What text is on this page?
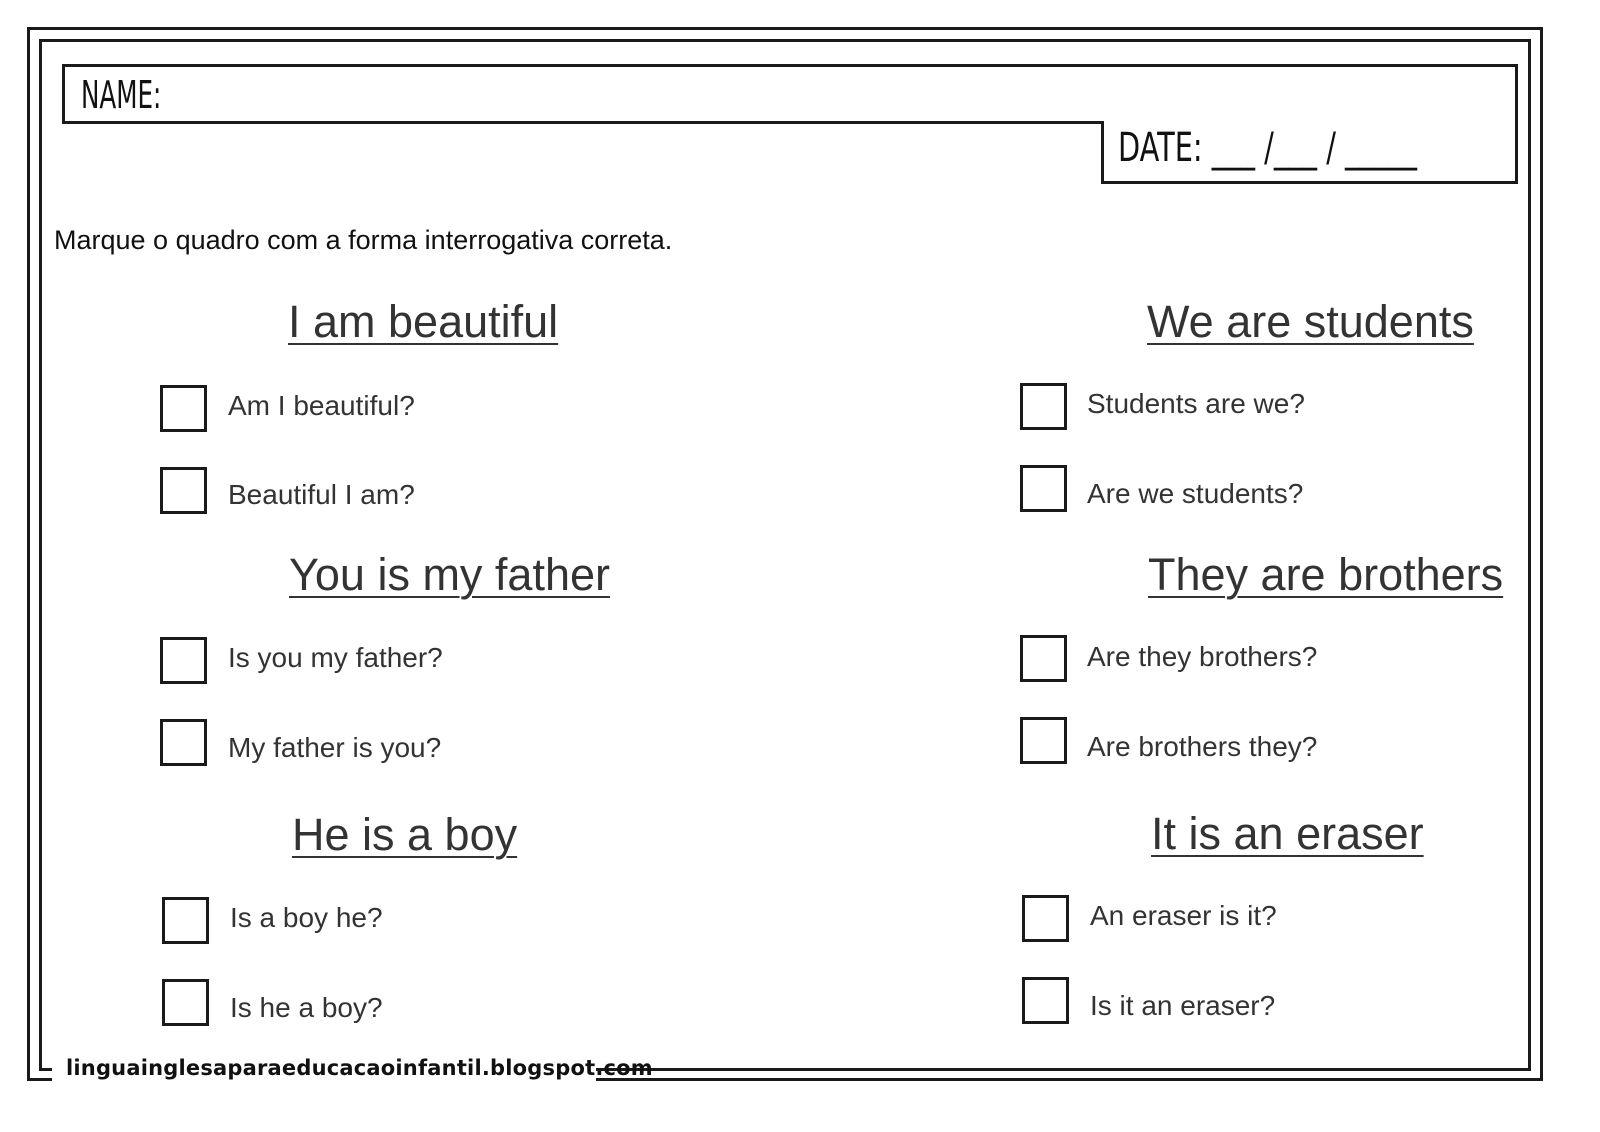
NAME:
DATE: ___ /___ / _____
Marque o quadro com a forma interrogativa correta.
I am beautiful
Am I beautiful?
Beautiful I am?
We are students
Students are we?
Are we students?
You is my father
Is you my father?
My father is you?
They are brothers
Are they brothers?
Are brothers they?
He is a boy
Is a boy he?
Is he a boy?
It is an eraser
An eraser is it?
Is it an eraser?
linguainglesaparaeducacaoinfantil.blogspot.com
